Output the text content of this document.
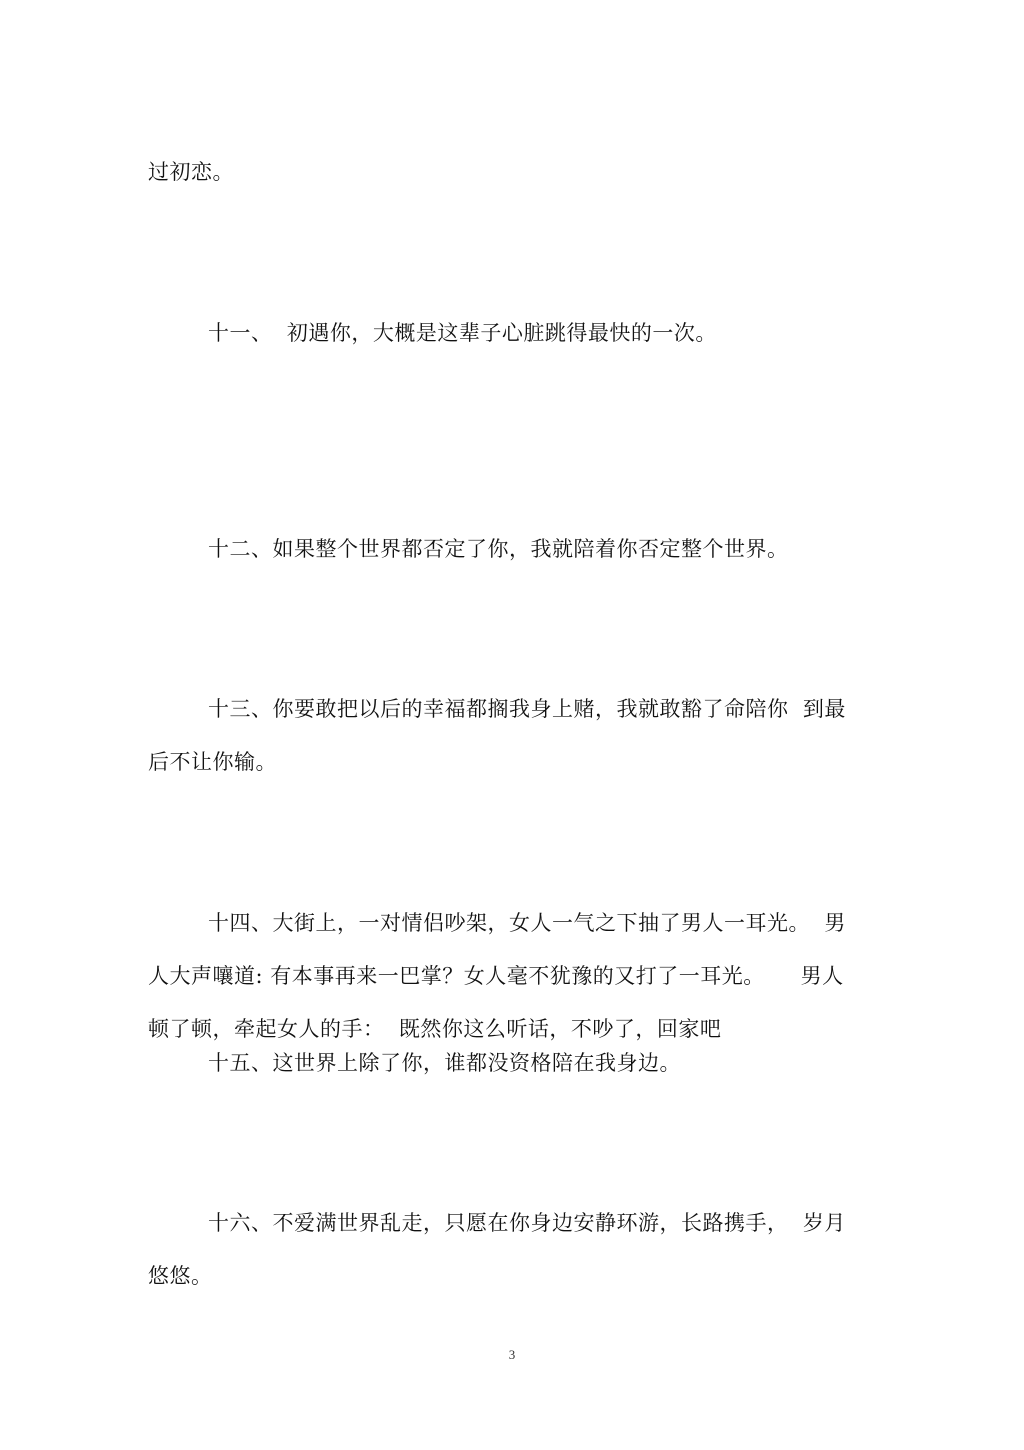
过初恋。
十一、  初遇你，大概是这辈子心脏跳得最快的一次。
十二、如果整个世界都否定了你，我就陪着你否定整个世界。
十三、你要敢把以后的幸福都搁我身上赌，我就敢豁了命陪你  到最
后不让你输。
十四、大街上，一对情侣吵架，女人一气之下抽了男人一耳光。  男
人大声嚷道: 有本事再来一巴掌？女人毫不犹豫的又打了一耳光。     男人
顿了顿，牵起女人的手：  既然你这么听话，不吵了，回家吧
十五、这世界上除了你，谁都没资格陪在我身边。
十六、不爱满世界乱走，只愿在你身边安静环游，长路携手，  岁月
悠悠。
3
